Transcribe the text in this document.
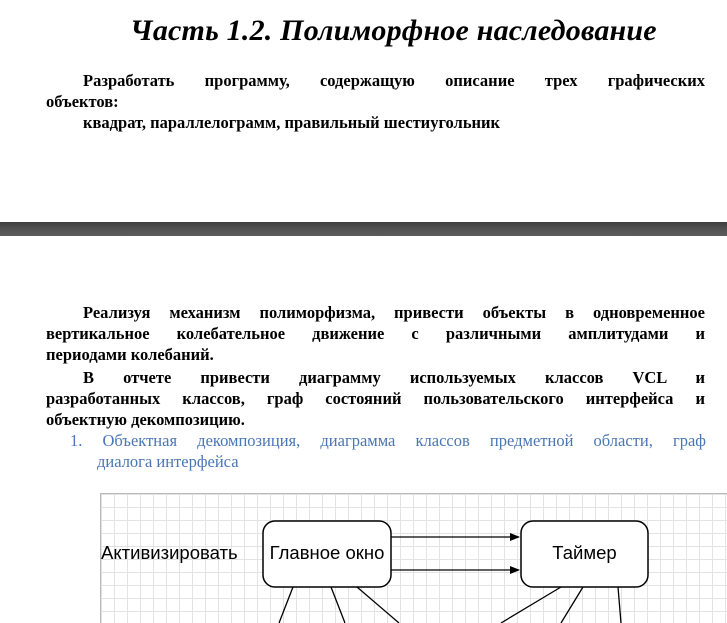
Часть 1.2. Полиморфное наследование
Разработать программу, содержащую описание трех графических
объектов:
квадрат, параллелограмм, правильный шестиугольник
Реализуя механизм полиморфизма, привести объекты в одновременное
вертикальное колебательное движение с различными амплитудами и
периодами колебаний.
В отчете привести диаграмму используемых классов VCL и
разработанных классов, граф состояний пользовательского интерфейса и
объектную декомпозицию.
1. Объектная декомпозиция, диаграмма классов предметной области, граф
диалога интерфейса
Активизировать	Главное окно	Таймер
